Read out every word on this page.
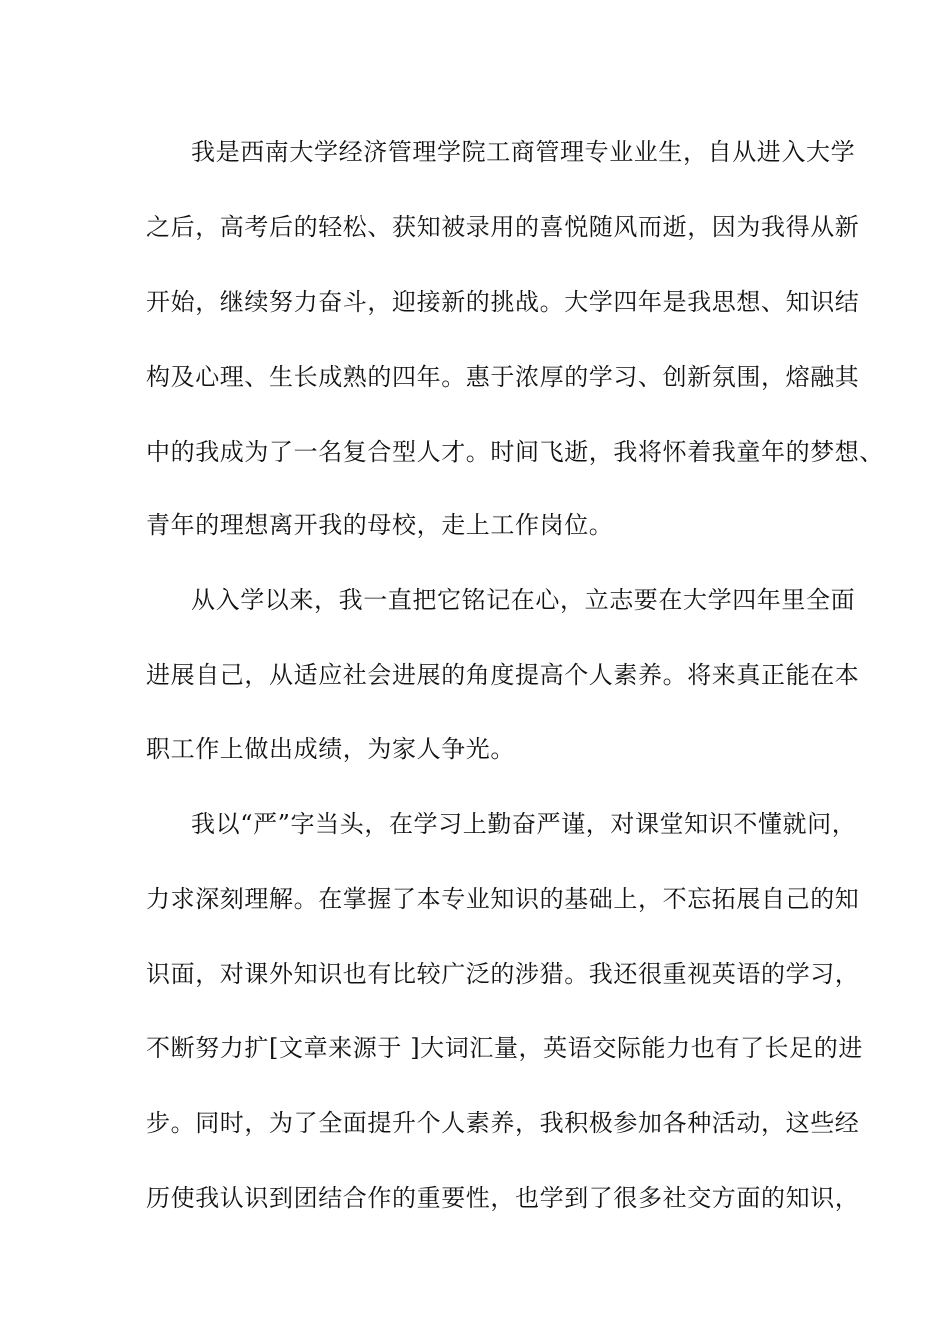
我是西南大学经济管理学院工商管理专业业生，自从进入大学
之后，高考后的轻松、获知被录用的喜悦随风而逝，因为我得从新
开始，继续努力奋斗，迎接新的挑战。大学四年是我思想、知识结
构及心理、生长成熟的四年。惠于浓厚的学习、创新氛围，熔融其
中的我成为了一名复合型人才。时间飞逝，我将怀着我童年的梦想、
青年的理想离开我的母校，走上工作岗位。
从入学以来，我一直把它铭记在心，立志要在大学四年里全面
进展自己，从适应社会进展的角度提高个人素养。将来真正能在本
职工作上做出成绩，为家人争光。
我以“严”字当头，在学习上勤奋严谨，对课堂知识不懂就问，
力求深刻理解。在掌握了本专业知识的基础上，不忘拓展自己的知
识面，对课外知识也有比较广泛的涉猎。我还很重视英语的学习，
不断努力扩[文章来源于 ]大词汇量，英语交际能力也有了长足的进
步。同时，为了全面提升个人素养，我积极参加各种活动，这些经
历使我认识到团结合作的重要性，也学到了很多社交方面的知识，
